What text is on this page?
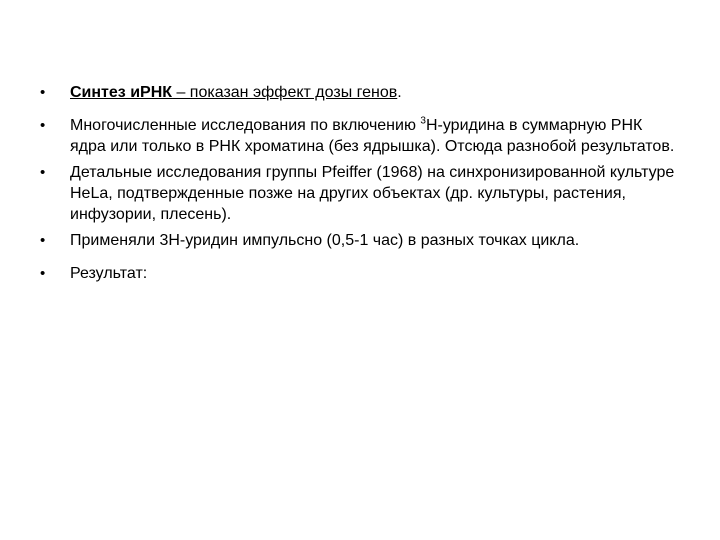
•	Синтез иРНК – показан эффект дозы генов.
•	Многочисленные исследования по включению $^3$Н-уридина в суммарную РНК ядра или только в РНК хроматина (без ядрышка). Отсюда разнобой результатов.
•	Детальные исследования группы Pfeiffer (1968) на синхронизированной культуре HeLa, подтвержденные позже на других объектах (др. культуры, растения, инфузории, плесень).
•	Применяли 3Н-уридин импульсно (0,5-1 час) в разных точках цикла.
•	Результат:
